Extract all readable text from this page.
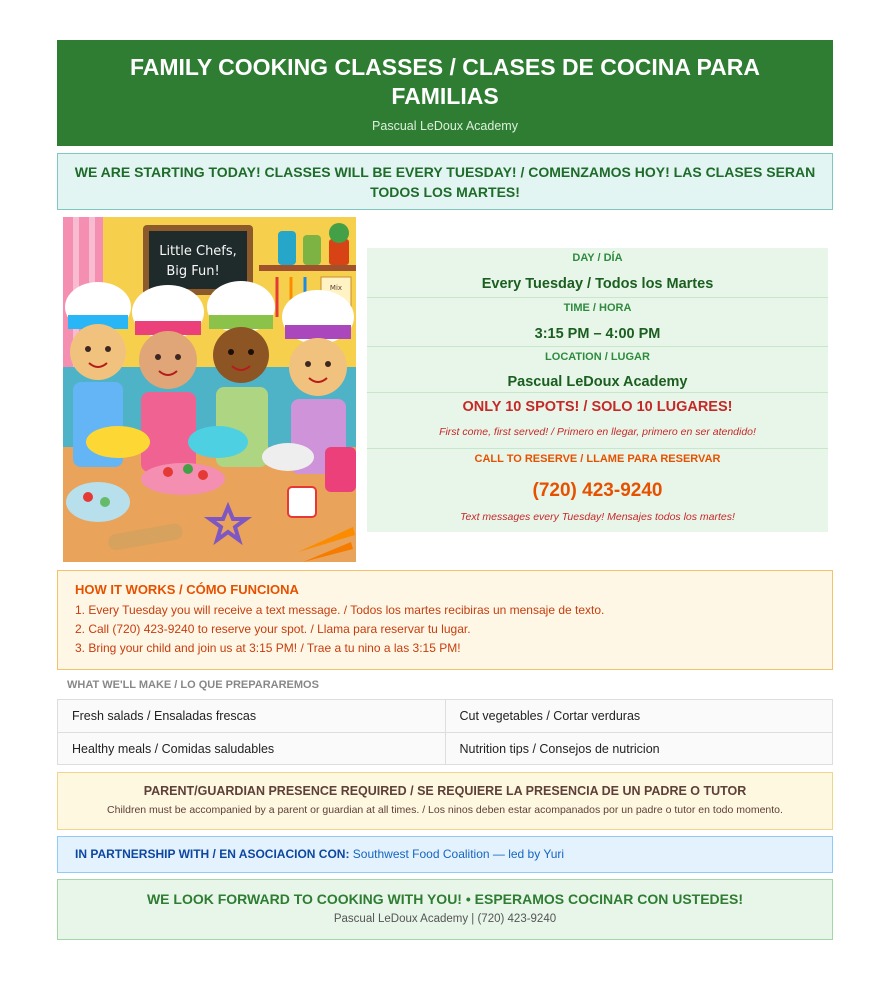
FAMILY COOKING CLASSES / CLASES DE COCINA PARA FAMILIAS
Pascual LeDoux Academy
WE ARE STARTING TODAY! CLASSES WILL BE EVERY TUESDAY! / COMENZAMOS HOY! LAS CLASES SERAN TODOS LOS MARTES!
Little Chefs,
Big Fun!
Mix
DAY / DÍA
Every Tuesday / Todos los Martes
TIME / HORA
3:15 PM – 4:00 PM
LOCATION / LUGAR
Pascual LeDoux Academy
ONLY 10 SPOTS! / SOLO 10 LUGARES!
First come, first served! / Primero en llegar, primero en ser atendido!
CALL TO RESERVE / LLAME PARA RESERVAR
(720) 423-9240
Text messages every Tuesday! Mensajes todos los martes!
HOW IT WORKS / CÓMO FUNCIONA
1. Every Tuesday you will receive a text message. / Todos los martes recibiras un mensaje de texto.
2. Call (720) 423-9240 to reserve your spot. / Llama para reservar tu lugar.
3. Bring your child and join us at 3:15 PM! / Trae a tu nino a las 3:15 PM!
WHAT WE'LL MAKE / LO QUE PREPARAREMOS
Fresh salads / Ensaladas frescas	Cut vegetables / Cortar verduras
Healthy meals / Comidas saludables	Nutrition tips / Consejos de nutricion
PARENT/GUARDIAN PRESENCE REQUIRED / SE REQUIERE LA PRESENCIA DE UN PADRE O TUTOR

Children must be accompanied by a parent or guardian at all times. / Los ninos deben estar acompanados por un padre o tutor en todo momento.

IN PARTNERSHIP WITH / EN ASOCIACION CON: Southwest Food Coalition — led by Yuri
WE LOOK FORWARD TO COOKING WITH YOU! • ESPERAMOS COCINAR CON USTEDES!

Pascual LeDoux Academy | (720) 423-9240
